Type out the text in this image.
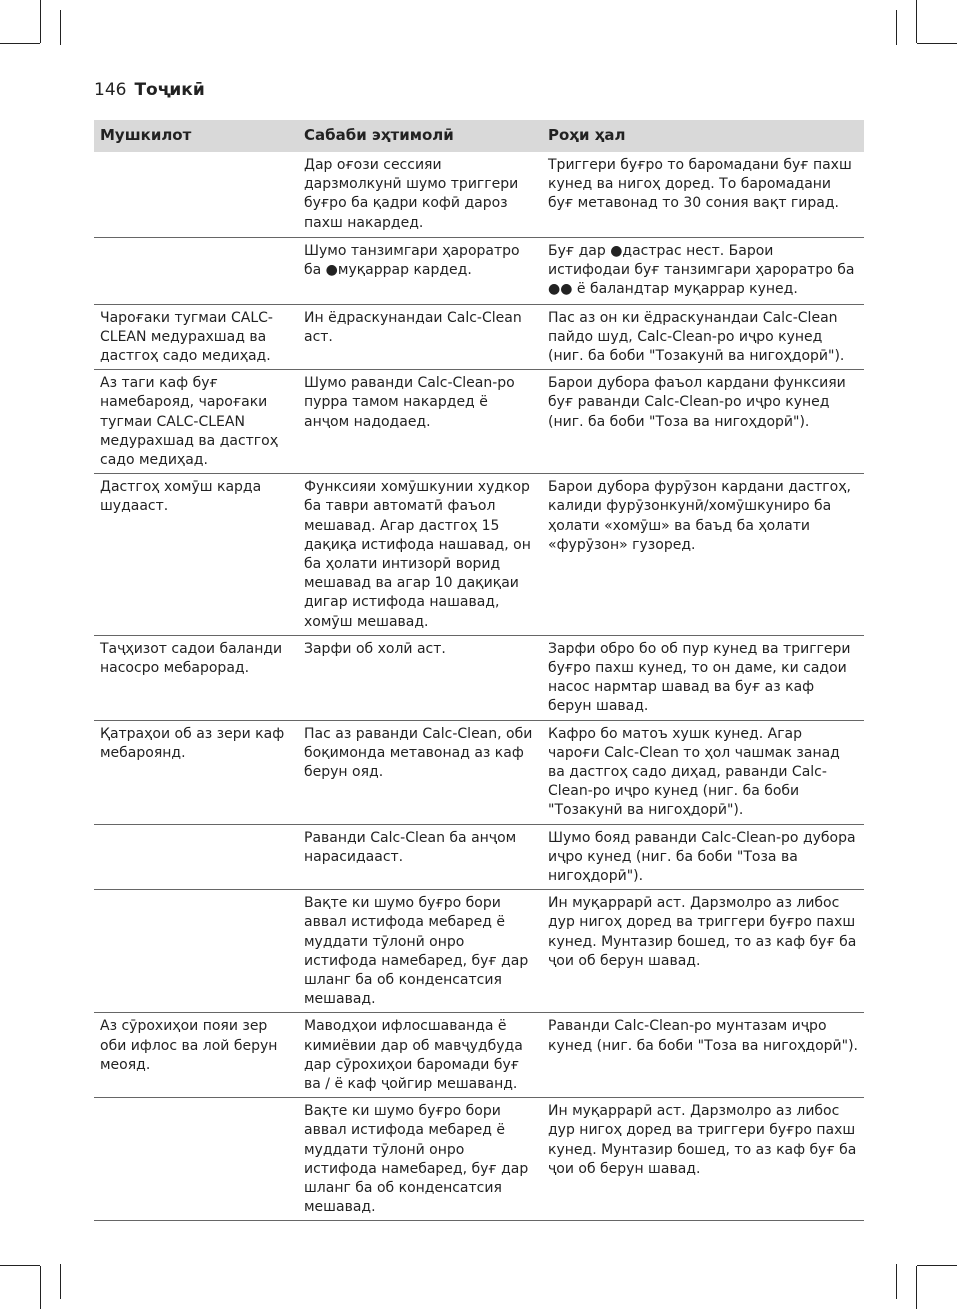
146 Тоҷикӣ
Мушкилот	Сабаби эҳтимолӣ	Роҳи ҳал
	Дар оғози сессияи дарзмолкунӣ шумо триггери буғро ба қадри кофӣ дароз пахш накардед.	Триггери буғро то баромадани буғ пахш кунед ва нигоҳ доред. То баромадани буғ метавонад то 30 сония вақт гирад.
	Шумо танзимгари ҳароратро ба ●муқаррар кардед.	Буғ дар ●дастрас нест. Барои истифодаи буғ танзимгари ҳароратро ба ●● ё баландтар муқаррар кунед.
Чароғаки тугмаи CALC-CLEAN медурахшад ва дастгоҳ садо медиҳад.	Ин ёдраскунандаи Calc-Clean аст.	Пас аз он ки ёдраскунандаи Calc-Clean пайдо шуд, Calc-Clean-ро иҷро кунед (ниг. ба боби "Тозакунӣ ва нигоҳдорӣ").
Аз таги каф буғ намебарояд, чароғаки тугмаи CALC-CLEAN медурахшад ва дастгоҳ садо медиҳад.	Шумо раванди Calc-Clean-ро пурра тамом накардед ё анҷом надодаед.	Барои дубора фаъол кардани функсияи буғ раванди Calc-Clean-ро иҷро кунед (ниг. ба боби "Тоза ва нигоҳдорӣ").
Дастгоҳ хомӯш карда шудааст.	Функсияи хомӯшкунии худкор ба таври автоматӣ фаъол мешавад. Агар дастгоҳ 15 дақиқа истифода нашавад, он ба ҳолати интизорӣ ворид мешавад ва агар 10 дақиқаи дигар истифода нашавад, хомӯш мешавад.	Барои дубора фурӯзон кардани дастгоҳ, калиди фурӯзонкунӣ/хомӯшкуниро ба ҳолати «хомӯш» ва баъд ба ҳолати «фурӯзон» гузоред.
Таҷҳизот садои баланди насосро мебарорад.	Зарфи об холӣ аст.	Зарфи обро бо об пур кунед ва триггери буғро пахш кунед, то он даме, ки садои насос нармтар шавад ва буғ аз каф берун шавад.
Қатраҳои об аз зери каф мебароянд.	Пас аз раванди Calc-Clean, оби боқимонда метавонад аз каф берун ояд.	Кафро бо матоъ хушк кунед. Агар чароғи Calc-Clean то ҳол чашмак занад ва дастгоҳ садо диҳад, раванди Calc-Clean-ро иҷро кунед (ниг. ба боби "Тозакунӣ ва нигоҳдорӣ").
	Раванди Calc-Clean ба анҷом нарасидааст.	Шумо бояд раванди Calc-Clean-ро дубора иҷро кунед (ниг. ба боби "Тоза ва нигоҳдорӣ").
	Вақте ки шумо буғро бори аввал истифода мебаред ё муддати тӯлонӣ онро истифода намебаред, буғ дар шланг ба об конденсатсия мешавад.	Ин муқаррарӣ аст. Дарзмолро аз либос дур нигоҳ доред ва триггери буғро пахш кунед. Мунтазир бошед, то аз каф буғ ба ҷои об берун шавад.
Аз сӯрохиҳои пояи зер оби ифлос ва лой берун меояд.	Маводҳои ифлосшаванда ё кимиёвии дар об мавҷудбуда дар сӯрохиҳои баромади буғ ва / ё каф ҷойгир мешаванд.	Раванди Calc-Clean-ро мунтазам иҷро кунед (ниг. ба боби "Тоза ва нигоҳдорӣ").
	Вақте ки шумо буғро бори аввал истифода мебаред ё муддати тӯлонӣ онро истифода намебаред, буғ дар шланг ба об конденсатсия мешавад.	Ин муқаррарӣ аст. Дарзмолро аз либос дур нигоҳ доред ва триггери буғро пахш кунед. Мунтазир бошед, то аз каф буғ ба ҷои об берун шавад.
